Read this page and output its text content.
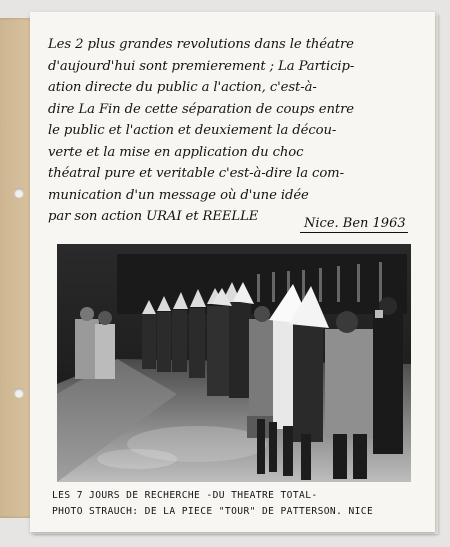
Les 2 plus grandes revolutions dans le théatre
d'aujourd'hui sont premierement ; La Particip-
ation directe du public a l'action, c'est-à-
dire La Fin de cette séparation de coups entre
le public et l'action et deuxiement la décou-
verte et la mise en application du choc
théatral pure et veritable c'est-à-dire la com-
munication d'un message où d'une idée
par son action URAI et REELLE	Nice. Ben 1963
LES 7 JOURS DE RECHERCHE -DU THEATRE TOTAL-
PHOTO STRAUCH: DE LA PIECE "TOUR" DE PATTERSON. NICE
